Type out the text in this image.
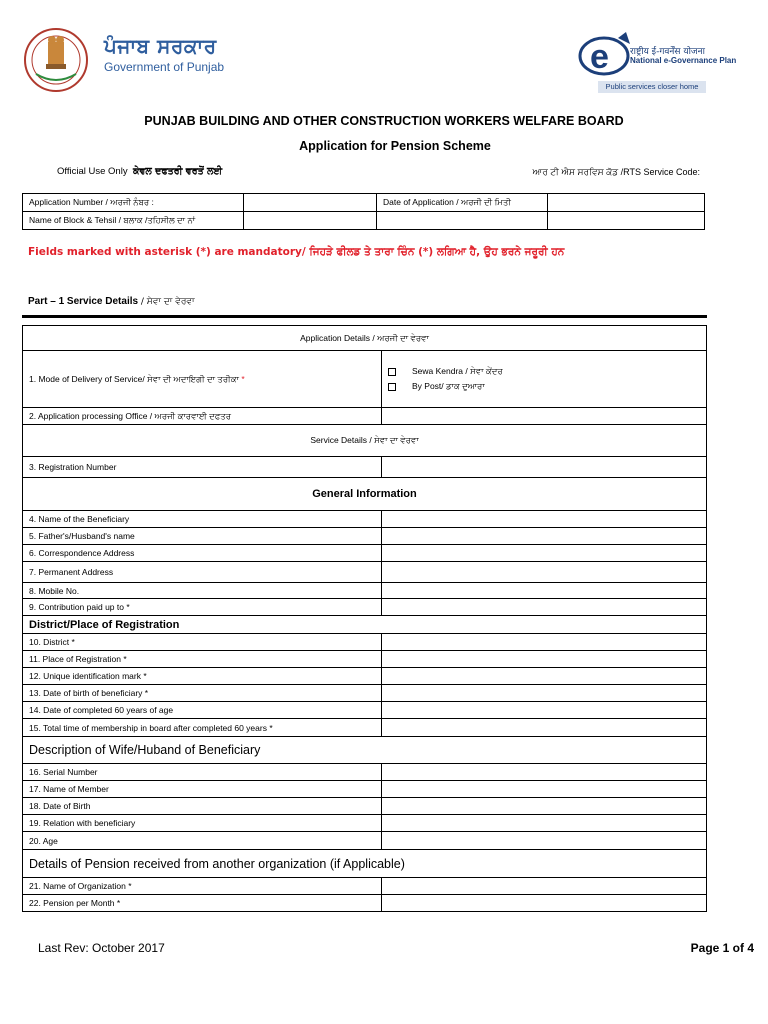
ਪੰਜਾਬ ਸਰਕਾਰ
Government of Punjab	e राष्ट्रीय ई-गवर्नेंस योजना
National e-Governance Plan
Public services closer home
PUNJAB BUILDING AND OTHER CONSTRUCTION WORKERS WELFARE BOARD
Application for Pension Scheme
Official Use Only ਕੇਵਲ ਦਫਤਰੀ ਵਰਤੋਂ ਲਈ	ਆਰ ਟੀ ਐਸ ਸਰਵਿਸ ਕੋਡ /RTS Service Code:
Application Number / ਅਰਜੀ ਨੰਬਰ :		Date of Application / ਅਰਜੀ ਦੀ ਮਿਤੀ	
Name of Block & Tehsil / ਬਲਾਕ /ਤਹਿਸੀਲ ਦਾ ਨਾਂ			
Fields marked with asterisk (*) are mandatory/ ਜਿਹੜੇ ਫੀਲਡ ਤੇ ਤਾਰਾ ਚਿੰਨ (*) ਲਗਿਆ ਹੈ, ਉਹ ਭਰਨੇ ਜਰੂਰੀ ਹਨ
Part – 1 Service Details / ਸੇਵਾ ਦਾ ਵੇਰਵਾ
Application Details / ਅਰਜੀ ਦਾ ਵੇਰਵਾ	
1. Mode of Delivery of Service/ ਸੇਵਾ ਦੀ ਅਦਾਇਗੀ ਦਾ ਤਰੀਕਾ *	Sewa Kendra / ਸੇਵਾ ਕੇਂਦਰ
By Post/ ਡਾਕ ਦੁਆਰਾ

2. Application processing Office / ਅਰਜੀ ਕਾਰਵਾਈ ਦਫਤਰ	
Service Details / ਸੇਵਾ ਦਾ ਵੇਰਵਾ	
3. Registration Number	
General Information	
4. Name of the Beneficiary	
5. Father's/Husband's name	
6. Correspondence Address	
7. Permanent Address	
8. Mobile No.	
9. Contribution paid up to *	
District/Place of Registration	
10. District *	
11. Place of Registration *	
12. Unique identification mark *	
13. Date of birth of beneficiary *	
14. Date of completed 60 years of age	
15. Total time of membership in board after completed 60 years *	
Description of Wife/Huband of Beneficiary	
16. Serial Number	
17. Name of Member	
18. Date of Birth	
19. Relation with beneficiary	
20. Age	
Details of Pension received from another organization (if Applicable)	
21. Name of Organization *	
22. Pension per Month *	
Last Rev: October 2017	Page 1 of 4
